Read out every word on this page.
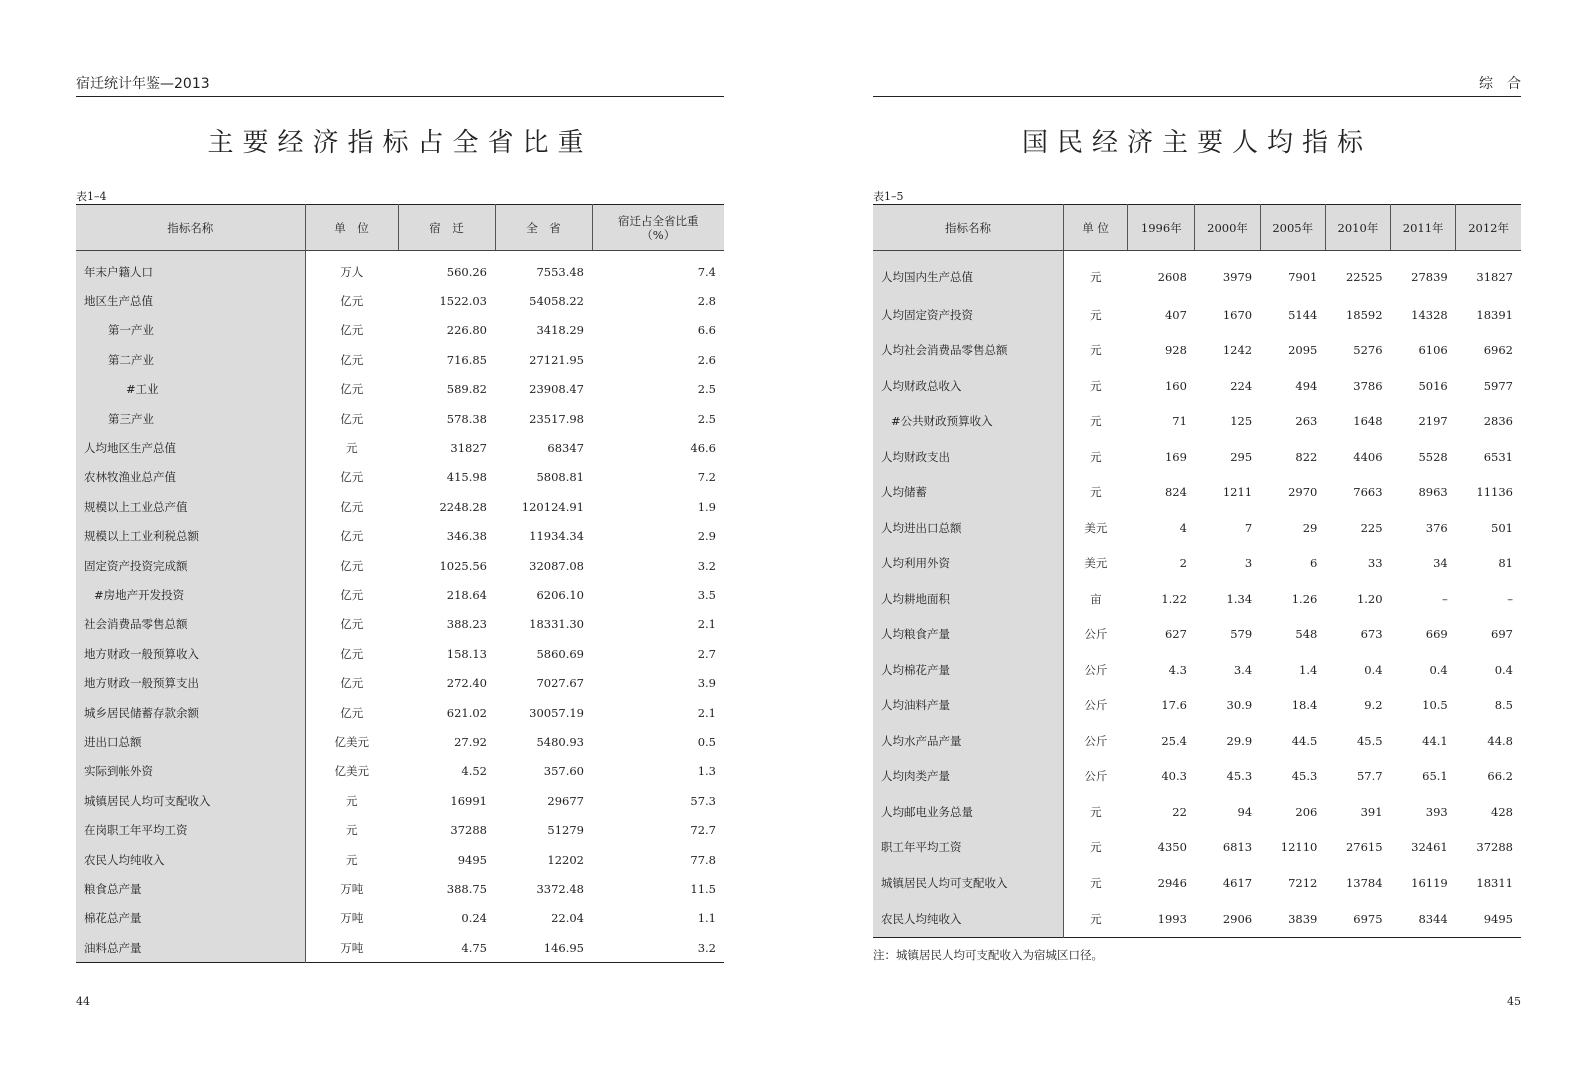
宿迁统计年鉴—2013
主要经济指标占全省比重
表1–4
指标名称	单　位	宿　迁	全　省	宿迁占全省比重
（%）

年末户籍人口	万人	560.26	7553.48	7.4
地区生产总值	亿元	1522.03	54058.22	2.8
第一产业	亿元	226.80	3418.29	6.6
第二产业	亿元	716.85	27121.95	2.6
#工业	亿元	589.82	23908.47	2.5
第三产业	亿元	578.38	23517.98	2.5
人均地区生产总值	元	31827	68347	46.6
农林牧渔业总产值	亿元	415.98	5808.81	7.2
规模以上工业总产值	亿元	2248.28	120124.91	1.9
规模以上工业利税总额	亿元	346.38	11934.34	2.9
固定资产投资完成额	亿元	1025.56	32087.08	3.2
#房地产开发投资	亿元	218.64	6206.10	3.5
社会消费品零售总额	亿元	388.23	18331.30	2.1
地方财政一般预算收入	亿元	158.13	5860.69	2.7
地方财政一般预算支出	亿元	272.40	7027.67	3.9
城乡居民储蓄存款余额	亿元	621.02	30057.19	2.1
进出口总额	亿美元	27.92	5480.93	0.5
实际到帐外资	亿美元	4.52	357.60	1.3
城镇居民人均可支配收入	元	16991	29677	57.3
在岗职工年平均工资	元	37288	51279	72.7
农民人均纯收入	元	9495	12202	77.8
粮食总产量	万吨	388.75	3372.48	11.5
棉花总产量	万吨	0.24	22.04	1.1
油料总产量	万吨	4.75	146.95	3.2
44
综合
国民经济主要人均指标
表1–5
指标名称	单 位	1996年	2000年	2005年	2010年	2011年	2012年
人均国内生产总值	元	2608	3979	7901	22525	27839	31827
人均固定资产投资	元	407	1670	5144	18592	14328	18391
人均社会消费品零售总额	元	928	1242	2095	5276	6106	6962
人均财政总收入	元	160	224	494	3786	5016	5977
#公共财政预算收入	元	71	125	263	1648	2197	2836
人均财政支出	元	169	295	822	4406	5528	6531
人均储蓄	元	824	1211	2970	7663	8963	11136
人均进出口总额	美元	4	7	29	225	376	501
人均利用外资	美元	2	3	6	33	34	81
人均耕地面积	亩	1.22	1.34	1.26	1.20	–	–
人均粮食产量	公斤	627	579	548	673	669	697
人均棉花产量	公斤	4.3	3.4	1.4	0.4	0.4	0.4
人均油料产量	公斤	17.6	30.9	18.4	9.2	10.5	8.5
人均水产品产量	公斤	25.4	29.9	44.5	45.5	44.1	44.8
人均肉类产量	公斤	40.3	45.3	45.3	57.7	65.1	66.2
人均邮电业务总量	元	22	94	206	391	393	428
职工年平均工资	元	4350	6813	12110	27615	32461	37288
城镇居民人均可支配收入	元	2946	4617	7212	13784	16119	18311
农民人均纯收入	元	1993	2906	3839	6975	8344	9495
注：城镇居民人均可支配收入为宿城区口径。
45
